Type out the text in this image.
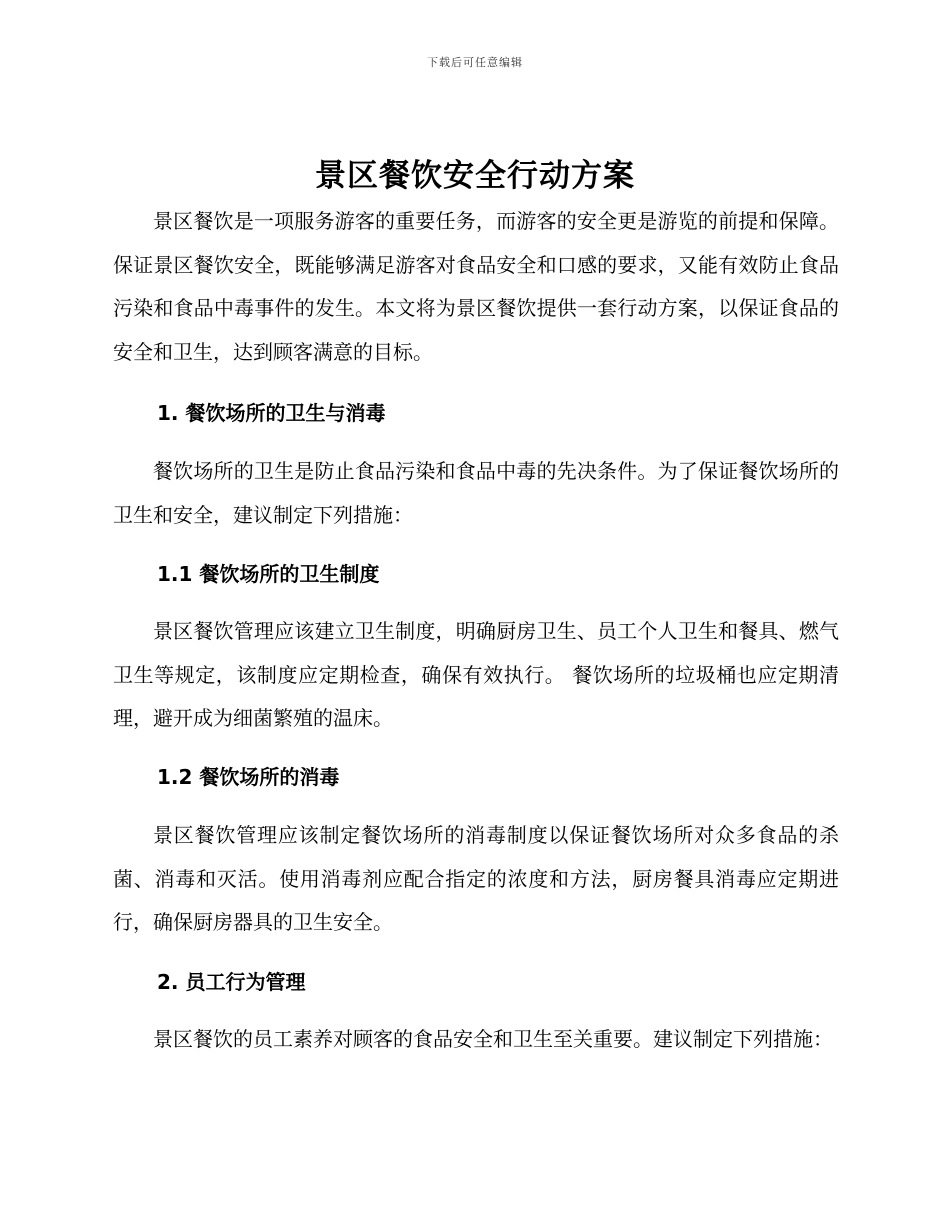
下载后可任意编辑
景区餐饮安全行动方案

景区餐饮是一项服务游客的重要任务，而游客的安全更是游览的前提和保障。保证景区餐饮安全，既能够满足游客对食品安全和口感的要求，又能有效防止食品污染和食品中毒事件的发生。本文将为景区餐饮提供一套行动方案，以保证食品的安全和卫生，达到顾客满意的目标。

1. 餐饮场所的卫生与消毒

餐饮场所的卫生是防止食品污染和食品中毒的先决条件。为了保证餐饮场所的卫生和安全，建议制定下列措施：

1.1 餐饮场所的卫生制度

景区餐饮管理应该建立卫生制度，明确厨房卫生、员工个人卫生和餐具、燃气卫生等规定，该制度应定期检查，确保有效执行。 餐饮场所的垃圾桶也应定期清理，避开成为细菌繁殖的温床。

1.2 餐饮场所的消毒

景区餐饮管理应该制定餐饮场所的消毒制度以保证餐饮场所对众多食品的杀菌、消毒和灭活。使用消毒剂应配合指定的浓度和方法，厨房餐具消毒应定期进行，确保厨房器具的卫生安全。

2. 员工行为管理

景区餐饮的员工素养对顾客的食品安全和卫生至关重要。建议制定下列措施：
